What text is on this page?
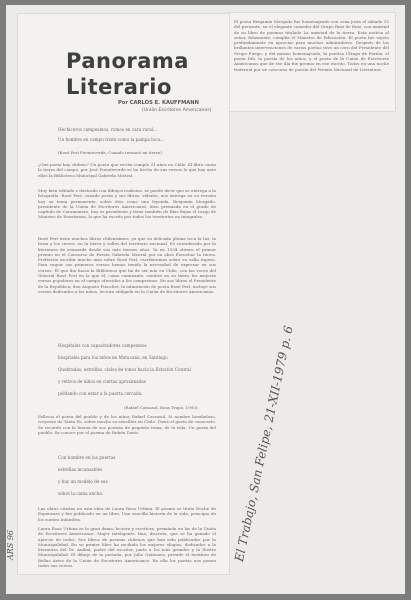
El poeta Benjamín Morgado fue homenajeado con cena justa el sábado 15 del presente, en el elegante comedor del Grupo Ruiz de Ruiz, con amistad de su libro de poemas titulado La amistad de la tierra. Esta noticia al señor, felizmente, cumplía el Ministro de Educación. El poeta fue sujeto profundamente en apreciar para muchos admiradores. Después de las brillantes intervenciones de varios poetas tuvo un coro del Presidente del Grupo Fuego, y del mismo homenajeado, la poetisa Ulzaga de Fariña, el poeta Dib, la poesía de los niños, y el poeta de la Unión de Escritores Americanos que de ese día fue premio en ese escrito. Todos en una noche fraternal por un concurso de poesía del Premio Nacional de Literatura.
Panorama
Literario
Por CARLOS E. KAUFFMANN
(Unión Escritores Americanos)
Hechiceros campesinos, romos en cara rural...
Un hombre en campo triste como la pampa loca...
(Rosé Perí Fuenteverde, Cuando terminó mi tierra).
¿Qué poeta hay chileno? Un poeta que recién cumple 21 años en Chile. El libro canta la tierra del campo, por José Fuenteverde se ha hecho de sus versos lo que hay ante ellos la Biblioteca Municipal Gabriela Mistral.
Muy bien editado e ilustrado con dibujos realistas, se puede decir que se entrega a la fotografía. Rosé Perí, cuando poeta y sus libros, vidente, nos entrega en su versión hoy su tema permanente, sobre dios como una leyenda, Benjamín Morgado, presidente de la Unión de Escritores Americanos, bien premiada en el grado de capítulo de Caramanero, hoy es presidente y tiene también de Rías Bajas el cargo de Ministro de Enseñanza, lo que ha escrito por todos los territorios en integrales.
Rosé Perí tiene muchos libros chilenísimos, ya que su delicada pluma toca la luz, la brisa y los cerros, en la tierra y valles del territorio nacional. Es considerado por la literatura de avanzada desde sus más tiernos años. Ya en 1934 obtuvo el primer premio en el Concurso de Poesía Gabriela Mistral por su obra Escuchar la tierra. Preferiría escribir mucho más sobre Rosé Perí, escribiremos sobre su valla espesa. Para seguir sus primeros versos hemos tenido la necesidad de expresar en sus versos: El que iba hacia la Biblioteca que ha de ser mía en Chile, con las voces del General Rosé Perí en la que él, como caminante, sembró en su tierra los mejores versos populares en el campo ofrecidos a los campesinos. En sus libros el Presidente de la República, don Augusto Pinochet, la admiración de poeta Rosé Perí, incluye sus versos dedicados a los niños, lectura obligada en la Unión de Escritores Americanos.
Hospitales con capacitadores campesinos
hospitales para los niños en Matucana, en Santiago
Quebradas, estrellas, cielos de tonos hacia la Estación Central
y retiros de niños en ciertas aproximadas
poblando con estar a la puerta cercada.
(Rafael Cassasol, Rosa Trapo, 1993).
Fallecio el poeta del pueblo y de los niños Rafael Cassasol. Si nombre bondadoso, creyente de Tanta Fe, sobre mucho su sencillez en Chile. Tiene el gusto de conocerlo. Se recordó con la fuerza de sus poesías de pequeño tema, de la vida. Un poeta del pueblo. Se conoce por el poema de Rubén Darío.
Con hombre en las puertas
estrellas incansables
y hay un modelo de sus
sobre la cama ancha.
Las obras citadas en esta obra de Laura Rosa Urbina. El poema se titula Noche de Esperanza y fue publicado en un libro. Una sencilla historia de la vida, principio de los sueños infantiles.
Laura Rosa Urbina es la gran dama, lectora y escritora, premiada en las de la Unión de Escritores Americanos. Mujer inteligente, fina, discreta, que se ha ganado el aprecio de todos. Sus libros de poemas chilenos que han sido publicados por la Municipalidad. En su primer libro ha recibido los mejores elogios, dedicados a la literatura del Dr. Aníbal, padre del escritor, junto a los más grandes y la Ilustre Municipalidad. El dibujo de la portada, por Julio Quiñones, preside el Instituto de Bellas Artes de la Unión de Escritores Americanos. En ella los poetas nos ponen todos sus versos.
El Trabajo, San Felipe, 21-XII-1979 p. 6
ARS 96
